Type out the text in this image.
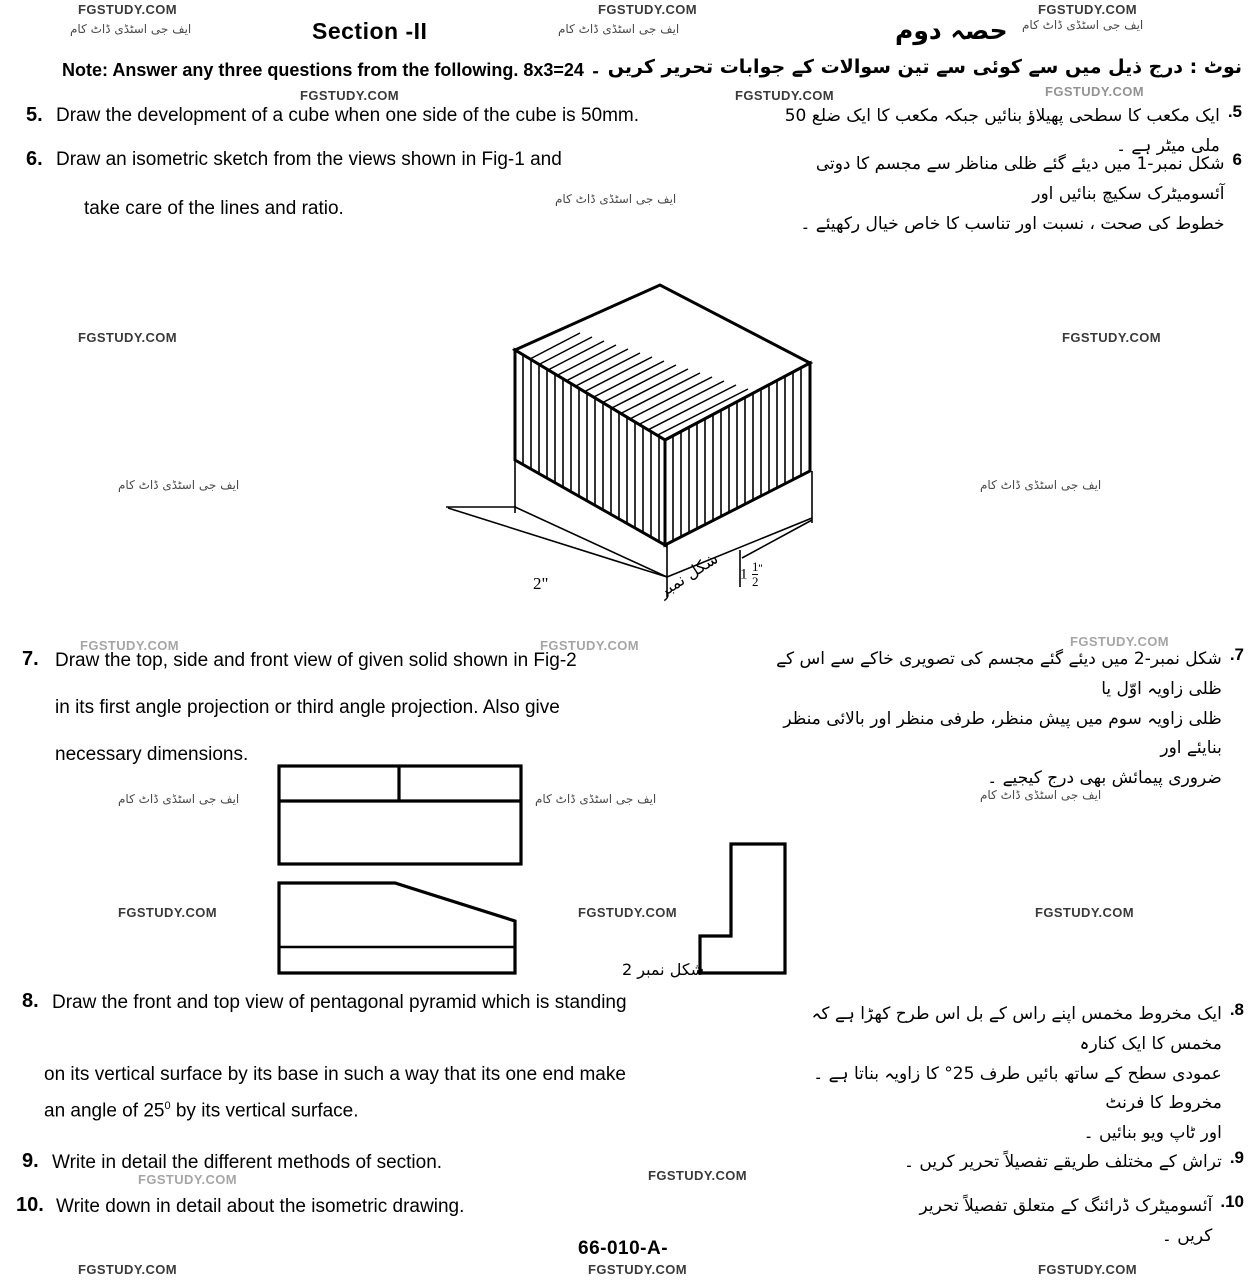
FGSTUDY.COM	FGSTUDY.COM	FGSTUDY.COM
ایف جی اسٹڈی ڈاٹ کام	ایف جی اسٹڈی ڈاٹ کام	ایف جی اسٹڈی ڈاٹ کام
FGSTUDY.COM	FGSTUDY.COM	FGSTUDY.COM
ایف جی اسٹڈی ڈاٹ کام
FGSTUDY.COM	FGSTUDY.COM
ایف جی اسٹڈی ڈاٹ کام	ایف جی اسٹڈی ڈاٹ کام
FGSTUDY.COM	FGSTUDY.COM	FGSTUDY.COM
ایف جی اسٹڈی ڈاٹ کام	ایف جی اسٹڈی ڈاٹ کام	ایف جی اسٹڈی ڈاٹ کام
FGSTUDY.COM	FGSTUDY.COM	FGSTUDY.COM
FGSTUDY.COM	FGSTUDY.COM
FGSTUDY.COM	FGSTUDY.COM	FGSTUDY.COM
Section -II	حصہ دوم
Note: Answer any three questions from the following. 8x3=24 نوٹ : درج ذیل میں سے کوئی سے تین سوالات کے جوابات تحریر کریں ۔
5. Draw the development of a cube when one side of the cube is 50mm.	.5
ایک مکعب کا سطحی پھیلاؤ بنائیں جبکہ مکعب کا ایک ضلع 50 ملی میٹر ہے ۔
6. Draw an isometric sketch from the views shown in Fig-1 and
take care of the lines and ratio.
6
شکل نمبر-1 میں دیئے گئے ظلی مناظر سے مجسم کا دوتی آئسومیٹرک سکیچ بنائیں اور
خطوط کی صحت ، نسبت اور تناسب کا خاص خیال رکھیئے ۔
2"	$1 \frac{1}{2} ^"$
شکل نمبر
7. Draw the top, side and front view of given solid shown in Fig-2
in its first angle projection or third angle projection. Also give
necessary dimensions.
.7
شکل نمبر-2 میں دیئے گئے مجسم کی تصویری خاکے سے اس کے ظلی زاویہ اوّل یا
ظلی زاویہ سوم میں پیش منظر، طرفی منظر اور بالائی منظر بنایئے اور
ضروری پیمائش بھی درج کیجیے ۔
شکل نمبر 2
8. Draw the front and top view of pentagonal pyramid which is standing
on its vertical surface by its base in such a way that its one end make
an angle of $25^0$ by its vertical surface.
.8
ایک مخروط مخمس اپنے راس کے بل اس طرح کھڑا ہے کہ مخمس کا ایک کنارہ
عمودی سطح کے ساتھ بائیں طرف 25° کا زاویہ بناتا ہے ۔ مخروط کا فرنٹ
اور ٹاپ ویو بنائیں ۔
9. Write in detail the different methods of section.	.9
تراش کے مختلف طریقے تفصیلاً تحریر کریں ۔
10. Write down in detail about the isometric drawing.	.10
آئسومیٹرک ڈرائنگ کے متعلق تفصیلاً تحریر کریں ۔
66-010-A-
